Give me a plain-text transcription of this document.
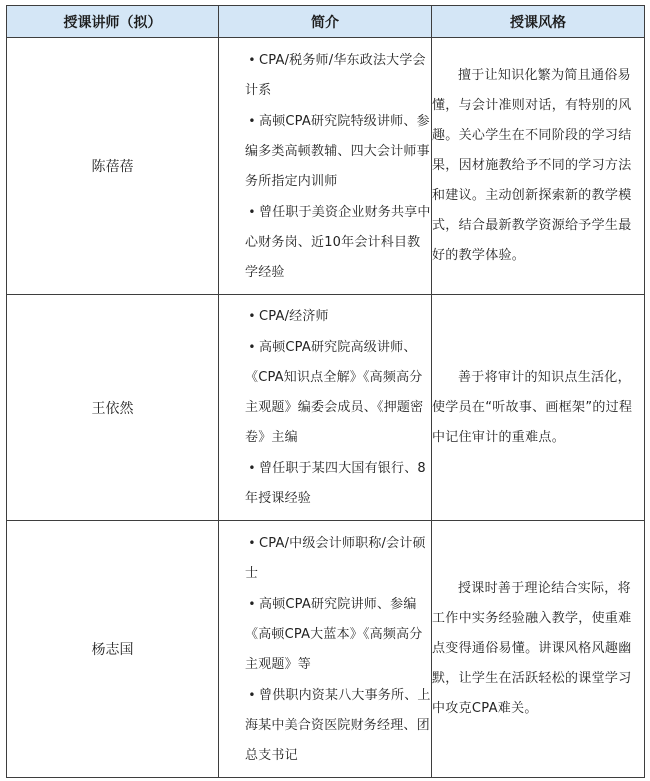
授课讲师（拟）	简介	授课风格
陈蓓蓓	• CPA/税务师/华东政法大学会计系

• 高顿CPA研究院特级讲师、参编多类高顿教辅、四大会计师事务所指定内训师

• 曾任职于美资企业财务共享中心财务岗、近10年会计科目教学经验	擅于让知识化繁为简且通俗易懂，与会计准则对话，有特别的风趣。关心学生在不同阶段的学习结果，因材施教给予不同的学习方法和建议。主动创新探索新的教学模式，结合最新教学资源给予学生最好的教学体验。

王依然	• CPA/经济师

• 高顿CPA研究院高级讲师、《CPA知识点全解》《高频高分主观题》编委会成员、《押题密卷》主编

• 曾任职于某四大国有银行、8年授课经验	善于将审计的知识点生活化，使学员在“听故事、画框架”的过程中记住审计的重难点。

杨志国	• CPA/中级会计师职称/会计硕士

• 高顿CPA研究院讲师、参编《高顿CPA大蓝本》《高频高分主观题》等

• 曾供职内资某八大事务所、上海某中美合资医院财务经理、团总支书记	授课时善于理论结合实际，将工作中实务经验融入教学，使重难点变得通俗易懂。讲课风格风趣幽默，让学生在活跃轻松的课堂学习中攻克CPA难关。
